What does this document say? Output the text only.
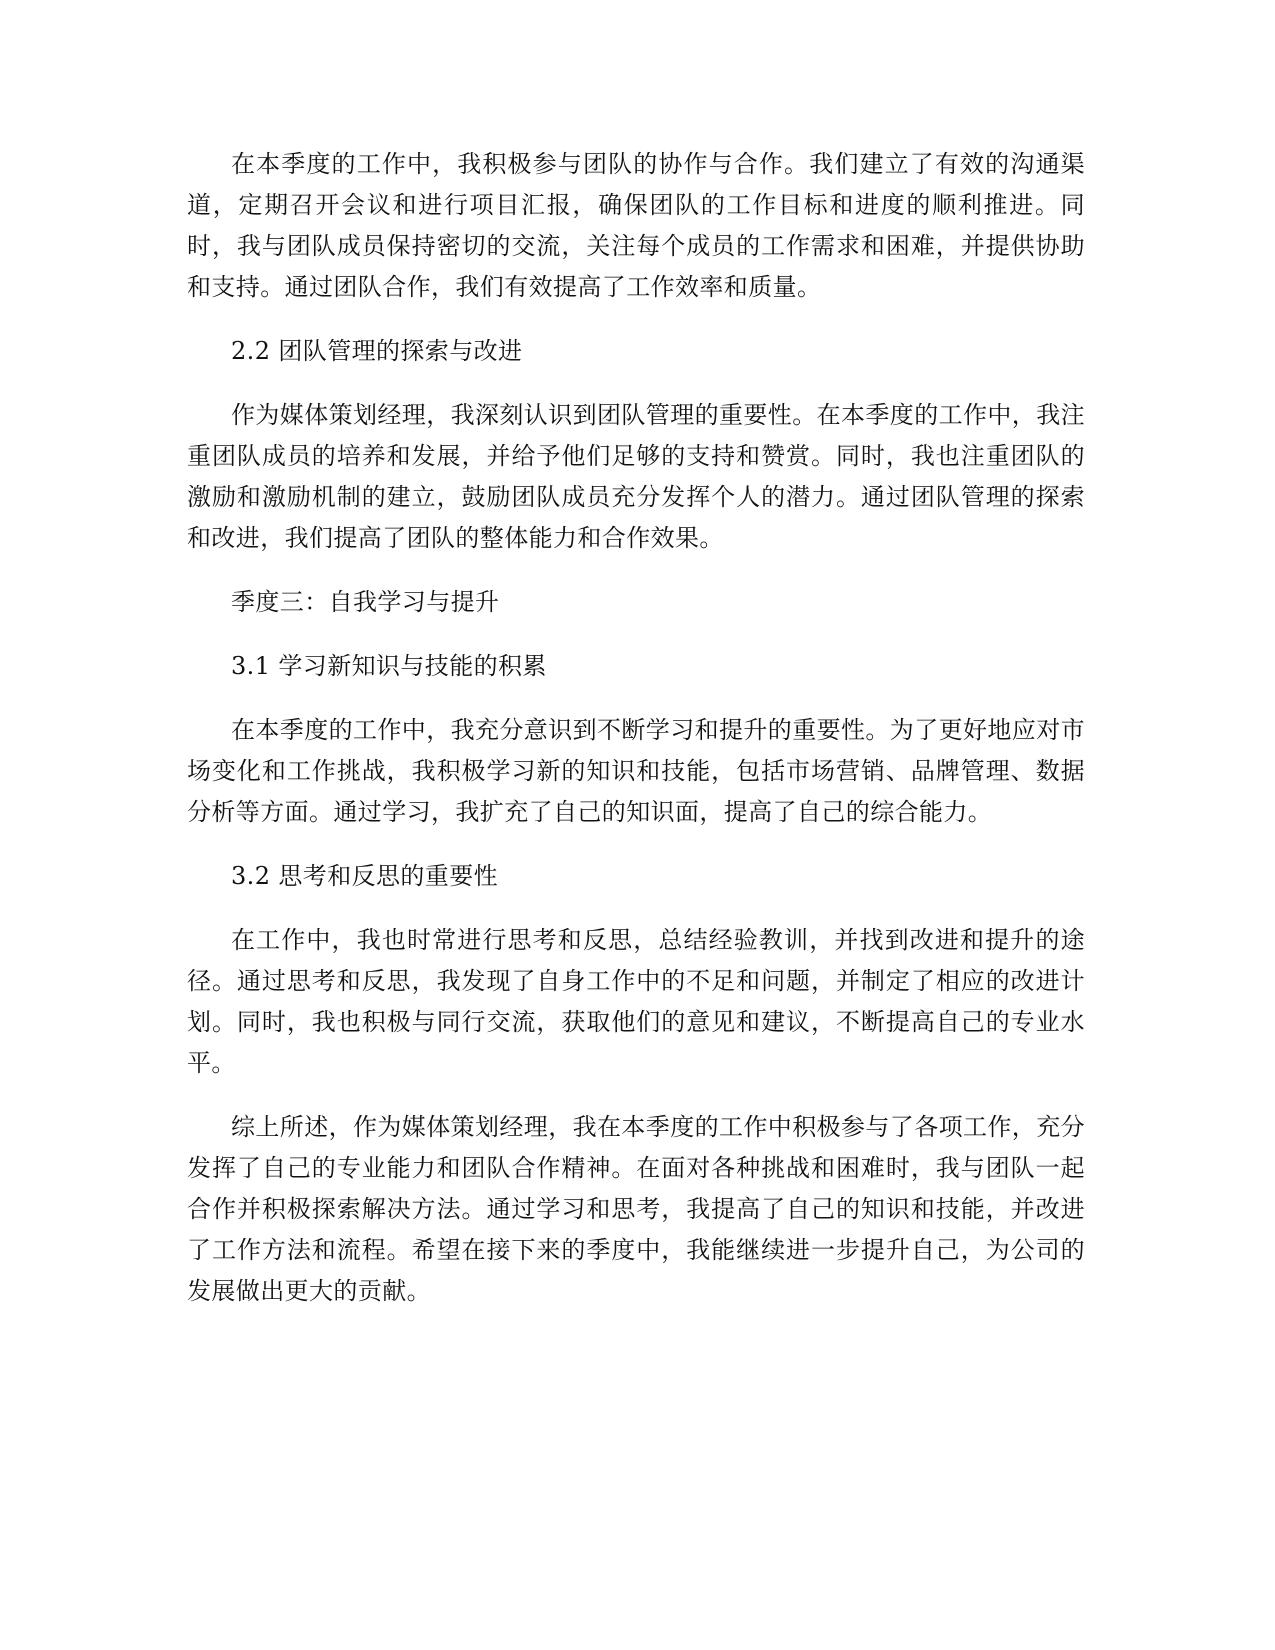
在本季度的工作中，我积极参与团队的协作与合作。我们建立了有效的沟通渠道，定期召开会议和进行项目汇报，确保团队的工作目标和进度的顺利推进。同时，我与团队成员保持密切的交流，关注每个成员的工作需求和困难，并提供协助和支持。通过团队合作，我们有效提高了工作效率和质量。

2.2 团队管理的探索与改进

作为媒体策划经理，我深刻认识到团队管理的重要性。在本季度的工作中，我注重团队成员的培养和发展，并给予他们足够的支持和赞赏。同时，我也注重团队的激励和激励机制的建立，鼓励团队成员充分发挥个人的潜力。通过团队管理的探索和改进，我们提高了团队的整体能力和合作效果。

季度三：自我学习与提升

3.1 学习新知识与技能的积累

在本季度的工作中，我充分意识到不断学习和提升的重要性。为了更好地应对市场变化和工作挑战，我积极学习新的知识和技能，包括市场营销、品牌管理、数据分析等方面。通过学习，我扩充了自己的知识面，提高了自己的综合能力。

3.2 思考和反思的重要性

在工作中，我也时常进行思考和反思，总结经验教训，并找到改进和提升的途径。通过思考和反思，我发现了自身工作中的不足和问题，并制定了相应的改进计划。同时，我也积极与同行交流，获取他们的意见和建议，不断提高自己的专业水平。

综上所述，作为媒体策划经理，我在本季度的工作中积极参与了各项工作，充分发挥了自己的专业能力和团队合作精神。在面对各种挑战和困难时，我与团队一起合作并积极探索解决方法。通过学习和思考，我提高了自己的知识和技能，并改进了工作方法和流程。希望在接下来的季度中，我能继续进一步提升自己，为公司的发展做出更大的贡献。
